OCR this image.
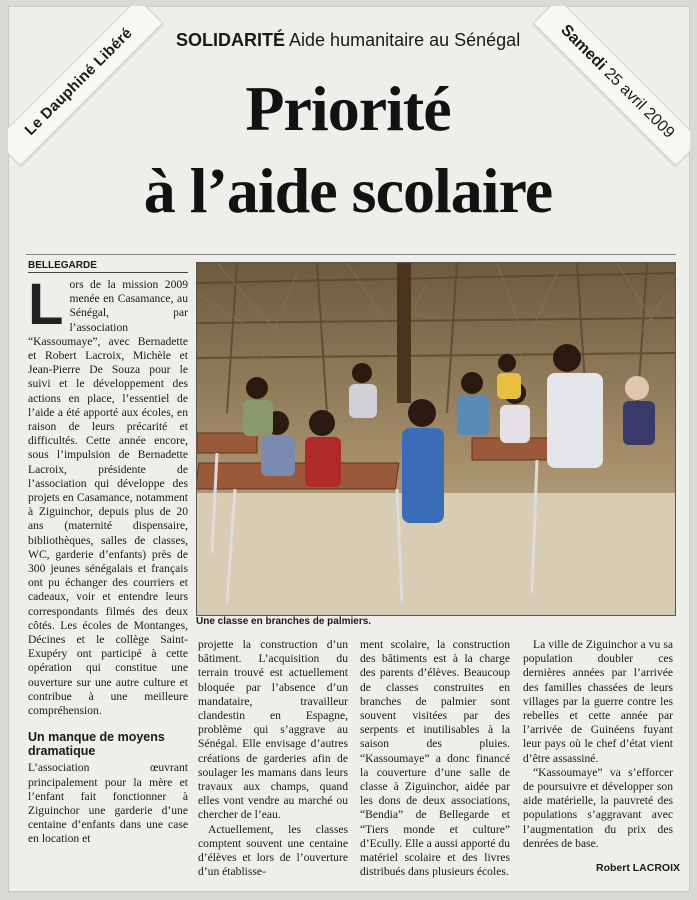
Le Dauphiné Libéré	Samedi 25 avril 2009
SOLIDARITÉ Aide humanitaire au Sénégal
Priorité
à l’aide scolaire
BELLEGARDE

Lors de la mission 2009 menée en Casamance, au Sénégal, par l’association “Kassoumaye”, avec Bernadette et Robert Lacroix, Michèle et Jean-Pierre De Souza pour le suivi et le développement des actions en place, l’essentiel de l’aide a été apporté aux écoles, en raison de leurs précarité et difficultés. Cette année encore, sous l’impulsion de Bernadette Lacroix, présidente de l’association qui développe des projets en Casamance, notamment à Ziguinchor, depuis plus de 20 ans (maternité dispensaire, bibliothèques, salles de classes, WC, garderie d’enfants) près de 300 jeunes sénégalais et français ont pu échanger des courriers et cadeaux, voir et entendre leurs correspondants filmés des deux côtés. Les écoles de Montanges, Décines et le collège Saint-Exupéry ont participé à cette opération qui constitue une ouverture sur une autre culture et contribue à une meilleure compréhension.

Un manque de moyens dramatique

L’association œuvrant principalement pour la mère et l’enfant fait fonctionner à Ziguinchor une garderie d’une centaine d’enfants dans une case en location et

Une classe en branches de palmiers.

projette la construction d’un bâtiment. L’acquisition du terrain trouvé est actuellement bloquée par l’absence d’un mandataire, travailleur clandestin en Espagne, problème qui s’aggrave au Sénégal. Elle envisage d’autres créations de garderies afin de soulager les mamans dans leurs travaux aux champs, quand elles vont vendre au marché ou chercher de l’eau.

Actuellement, les classes comptent souvent une centaine d’élèves et lors de l’ouverture d’un établisse-

ment scolaire, la construction des bâtiments est à la charge des parents d’élèves. Beaucoup de classes construites en branches de palmier sont souvent visitées par des serpents et inutilisables à la saison des pluies. “Kassoumaye” a donc financé la couverture d’une salle de classe à Ziguinchor, aidée par les dons de deux associations, “Bendia” de Bellegarde et “Tiers monde et culture” d’Ecully. Elle a aussi apporté du matériel scolaire et des livres distribués dans plusieurs écoles.

La ville de Ziguinchor a vu sa population doubler ces dernières années par l’arrivée des familles chassées de leurs villages par la guerre contre les rebelles et cette année par l’arrivée de Guinéens fuyant leur pays où le chef d’état vient d’être assassiné.

“Kassoumaye” va s’efforcer de poursuivre et développer son aide matérielle, la pauvreté des populations s’aggravant avec l’augmentation du prix des denrées de base.

Robert LACROIX
